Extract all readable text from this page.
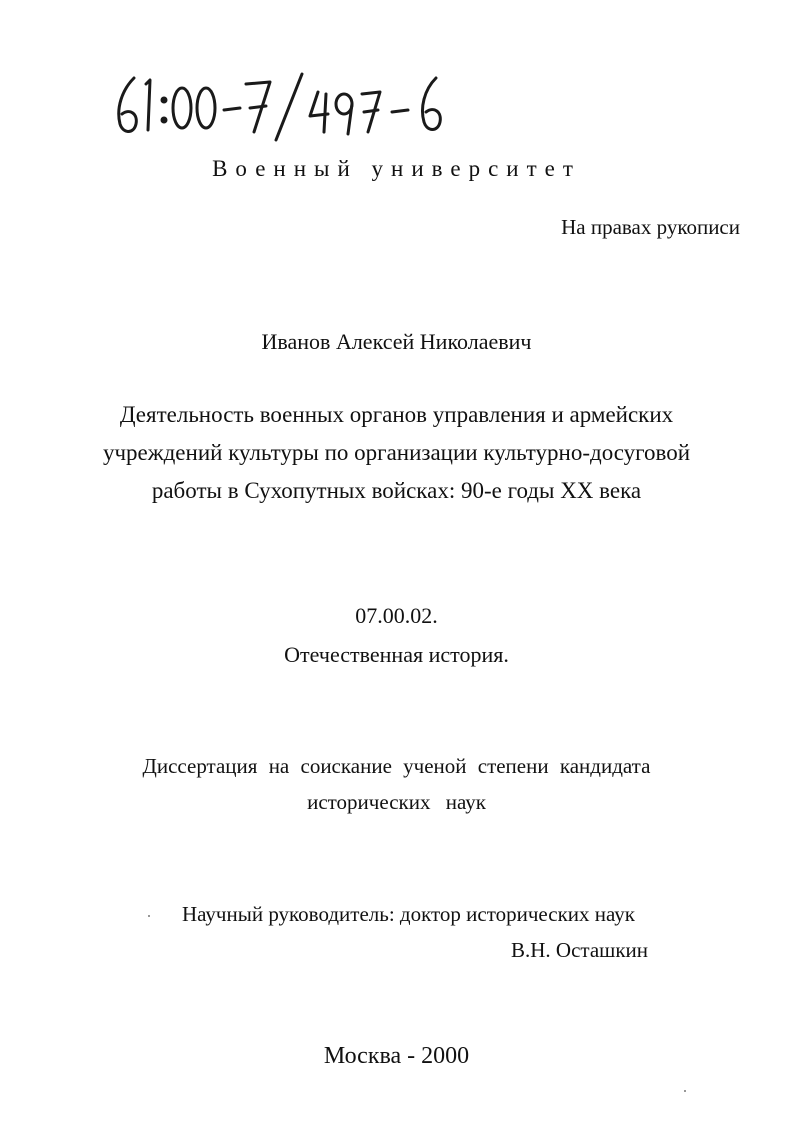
Военный университет
На правах рукописи
Иванов Алексей Николаевич
Деятельность военных органов управления и армейских
учреждений культуры по организации культурно-досуговой
работы в Сухопутных войсках: 90-е годы XX века
07.00.02.
Отечественная история.
Диссертация на соискание ученой степени кандидата
исторических наук
Научный руководитель: доктор исторических наук
В.Н. Осташкин
Москва - 2000
